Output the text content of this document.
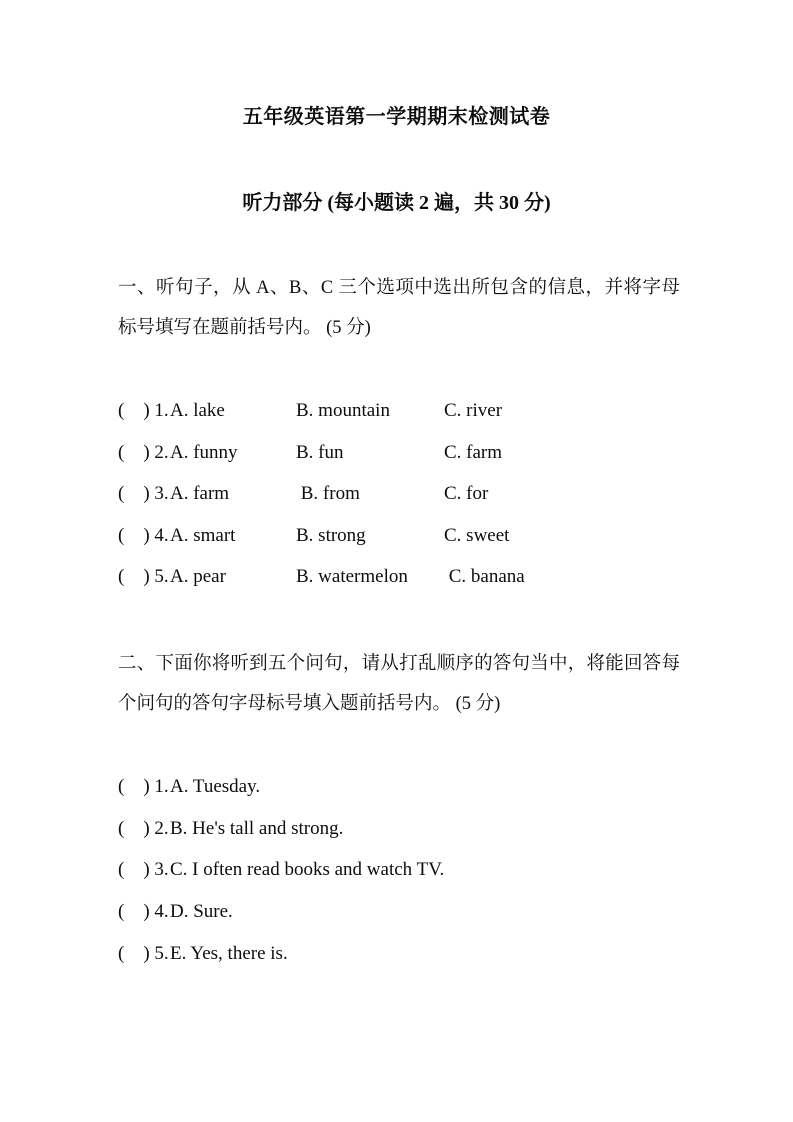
五年级英语第一学期期末检测试卷
听力部分 (每小题读 2 遍，共 30 分)
一、听句子，从 A、B、C 三个选项中选出所包含的信息，并将字母
标号填写在题前括号内。 (5 分)
(    ) 1. A. lake	B. mountain	C. river
(    ) 2. A. funny	B. fun	C. farm
(    ) 3. A. farm	B. from	C. for
(    ) 4. A. smart	B. strong	C. sweet
(    ) 5. A. pear	B. watermelon	C. banana
二、下面你将听到五个问句，请从打乱顺序的答句当中，将能回答每
个问句的答句字母标号填入题前括号内。 (5 分)
(    ) 1. A. Tuesday.
(    ) 2. B. He's tall and strong.
(    ) 3. C. I often read books and watch TV.
(    ) 4. D. Sure.
(    ) 5. E. Yes, there is.
